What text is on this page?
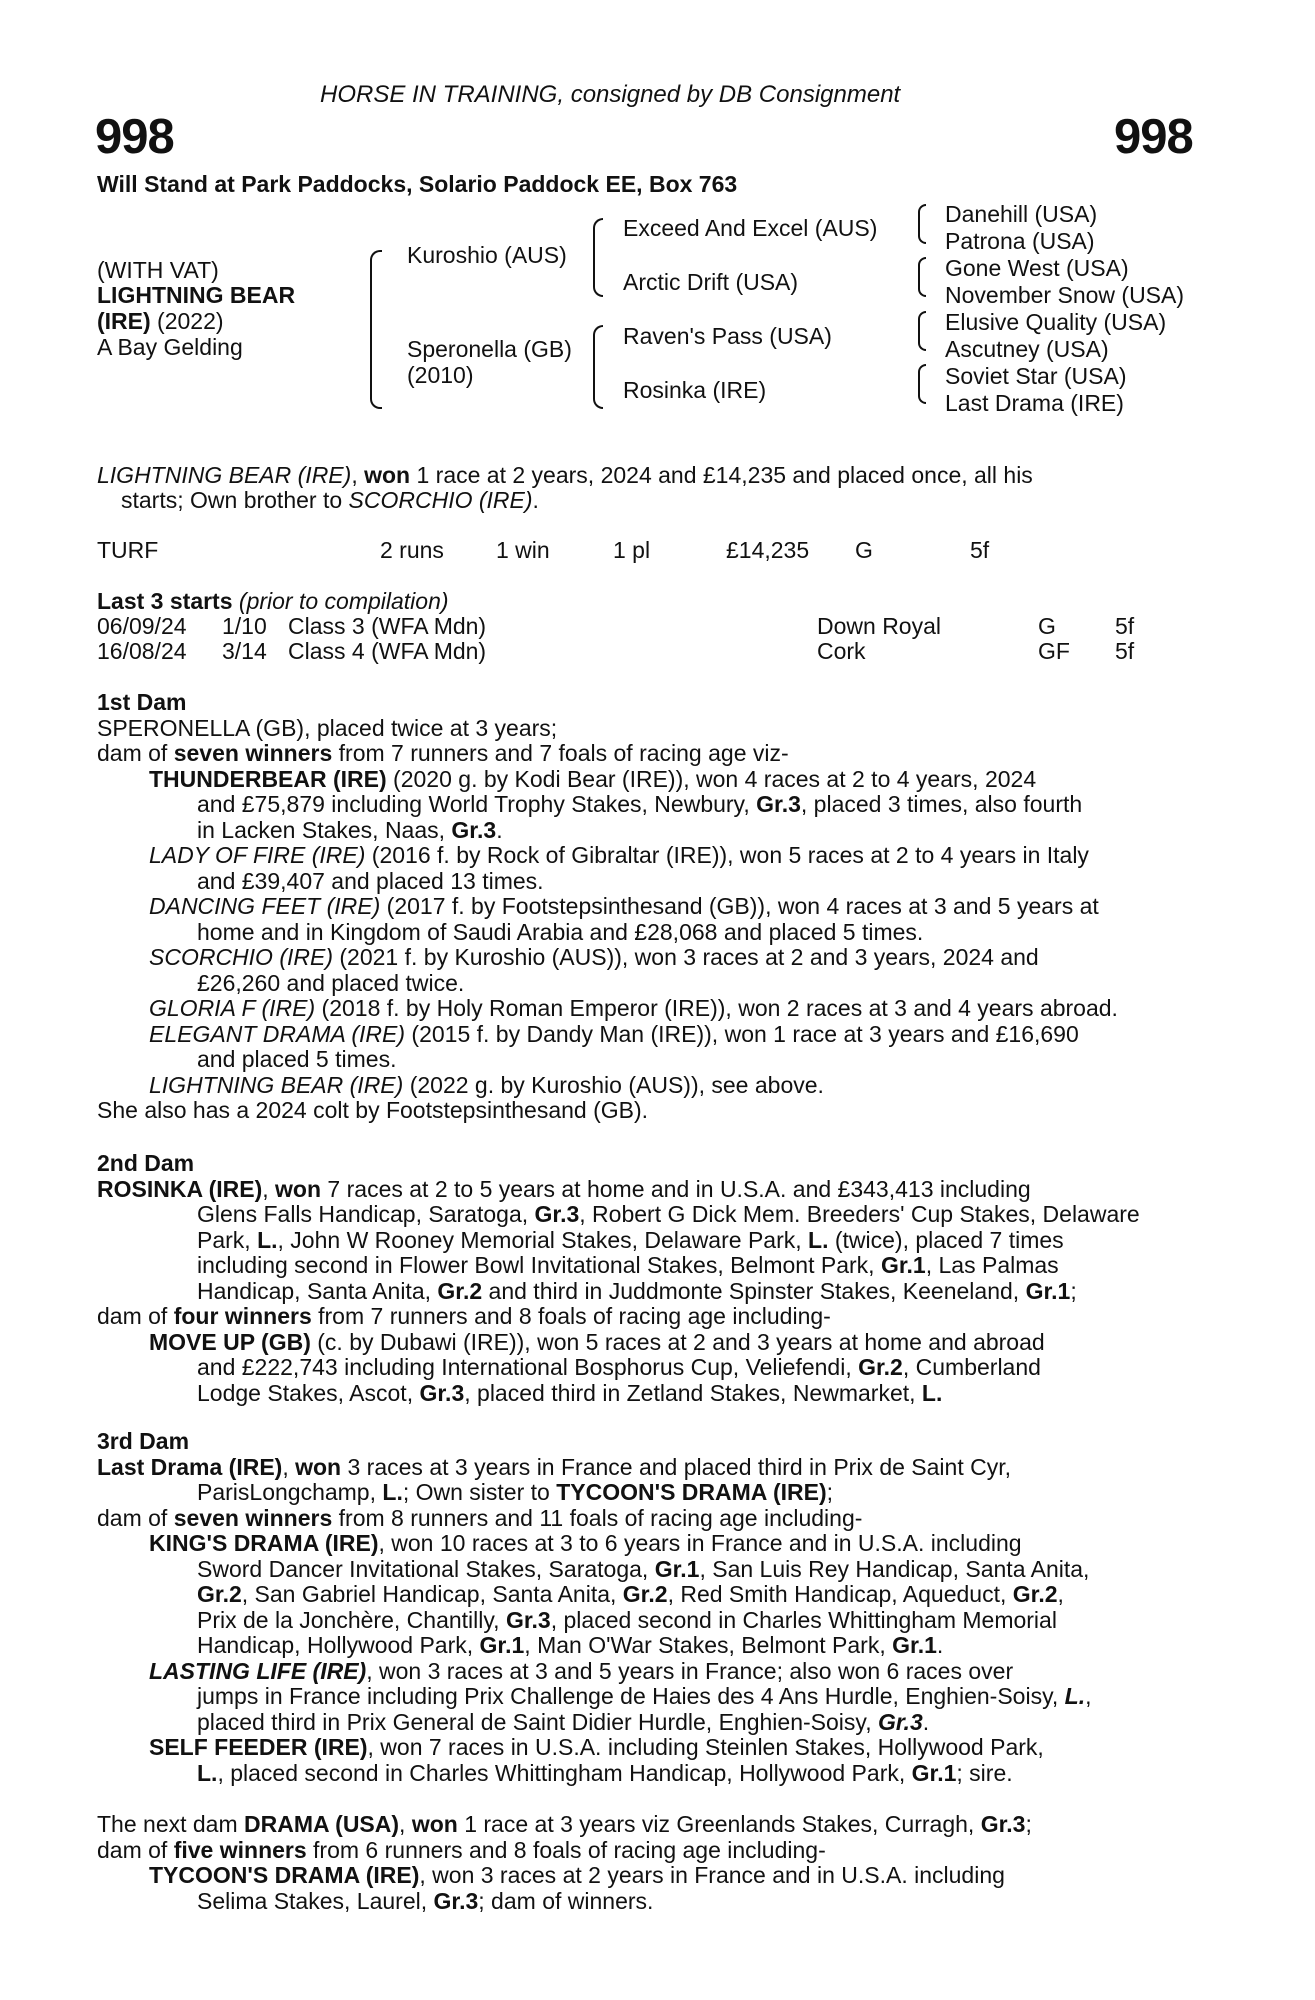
HORSE IN TRAINING, consigned by DB Consignment
998	998
Will Stand at Park Paddocks, Solario Paddock EE, Box 763
(WITH VAT)
LIGHTNING BEAR
(IRE) (2022)
A Bay Gelding
Kuroshio (AUS)
Speronella (GB)
(2010)
Exceed And Excel (AUS)
Arctic Drift (USA)
Raven's Pass (USA)
Rosinka (IRE)
Danehill (USA)
Patrona (USA)
Gone West (USA)
November Snow (USA)
Elusive Quality (USA)
Ascutney (USA)
Soviet Star (USA)
Last Drama (IRE)
LIGHTNING BEAR (IRE), won 1 race at 2 years, 2024 and £14,235 and placed once, all his
starts; Own brother to SCORCHIO (IRE).
TURF	2 runs 1 win	1 pl	£14,235 G	5f
Last 3 starts (prior to compilation)
06/09/24 1/10 Class 3 (WFA Mdn)	Down Royal	G	5f
16/08/24 3/14 Class 4 (WFA Mdn)	Cork	GF 5f
1st Dam
SPERONELLA (GB), placed twice at 3 years;
dam of seven winners from 7 runners and 7 foals of racing age viz-
THUNDERBEAR (IRE) (2020 g. by Kodi Bear (IRE)), won 4 races at 2 to 4 years, 2024
and £75,879 including World Trophy Stakes, Newbury, Gr.3, placed 3 times, also fourth
in Lacken Stakes, Naas, Gr.3.
LADY OF FIRE (IRE) (2016 f. by Rock of Gibraltar (IRE)), won 5 races at 2 to 4 years in Italy
and £39,407 and placed 13 times.
DANCING FEET (IRE) (2017 f. by Footstepsinthesand (GB)), won 4 races at 3 and 5 years at
home and in Kingdom of Saudi Arabia and £28,068 and placed 5 times.
SCORCHIO (IRE) (2021 f. by Kuroshio (AUS)), won 3 races at 2 and 3 years, 2024 and
£26,260 and placed twice.
GLORIA F (IRE) (2018 f. by Holy Roman Emperor (IRE)), won 2 races at 3 and 4 years abroad.
ELEGANT DRAMA (IRE) (2015 f. by Dandy Man (IRE)), won 1 race at 3 years and £16,690
and placed 5 times.
LIGHTNING BEAR (IRE) (2022 g. by Kuroshio (AUS)), see above.
She also has a 2024 colt by Footstepsinthesand (GB).
2nd Dam
ROSINKA (IRE), won 7 races at 2 to 5 years at home and in U.S.A. and £343,413 including
Glens Falls Handicap, Saratoga, Gr.3, Robert G Dick Mem. Breeders' Cup Stakes, Delaware
Park, L., John W Rooney Memorial Stakes, Delaware Park, L. (twice), placed 7 times
including second in Flower Bowl Invitational Stakes, Belmont Park, Gr.1, Las Palmas
Handicap, Santa Anita, Gr.2 and third in Juddmonte Spinster Stakes, Keeneland, Gr.1;
dam of four winners from 7 runners and 8 foals of racing age including-
MOVE UP (GB) (c. by Dubawi (IRE)), won 5 races at 2 and 3 years at home and abroad
and £222,743 including International Bosphorus Cup, Veliefendi, Gr.2, Cumberland
Lodge Stakes, Ascot, Gr.3, placed third in Zetland Stakes, Newmarket, L.
3rd Dam
Last Drama (IRE), won 3 races at 3 years in France and placed third in Prix de Saint Cyr,
ParisLongchamp, L.; Own sister to TYCOON'S DRAMA (IRE);
dam of seven winners from 8 runners and 11 foals of racing age including-
KING'S DRAMA (IRE), won 10 races at 3 to 6 years in France and in U.S.A. including
Sword Dancer Invitational Stakes, Saratoga, Gr.1, San Luis Rey Handicap, Santa Anita,
Gr.2, San Gabriel Handicap, Santa Anita, Gr.2, Red Smith Handicap, Aqueduct, Gr.2,
Prix de la Jonchère, Chantilly, Gr.3, placed second in Charles Whittingham Memorial
Handicap, Hollywood Park, Gr.1, Man O'War Stakes, Belmont Park, Gr.1.
LASTING LIFE (IRE), won 3 races at 3 and 5 years in France; also won 6 races over
jumps in France including Prix Challenge de Haies des 4 Ans Hurdle, Enghien-Soisy, L.,
placed third in Prix General de Saint Didier Hurdle, Enghien-Soisy, Gr.3.
SELF FEEDER (IRE), won 7 races in U.S.A. including Steinlen Stakes, Hollywood Park,
L., placed second in Charles Whittingham Handicap, Hollywood Park, Gr.1; sire.
The next dam DRAMA (USA), won 1 race at 3 years viz Greenlands Stakes, Curragh, Gr.3;
dam of five winners from 6 runners and 8 foals of racing age including-
TYCOON'S DRAMA (IRE), won 3 races at 2 years in France and in U.S.A. including
Selima Stakes, Laurel, Gr.3; dam of winners.
